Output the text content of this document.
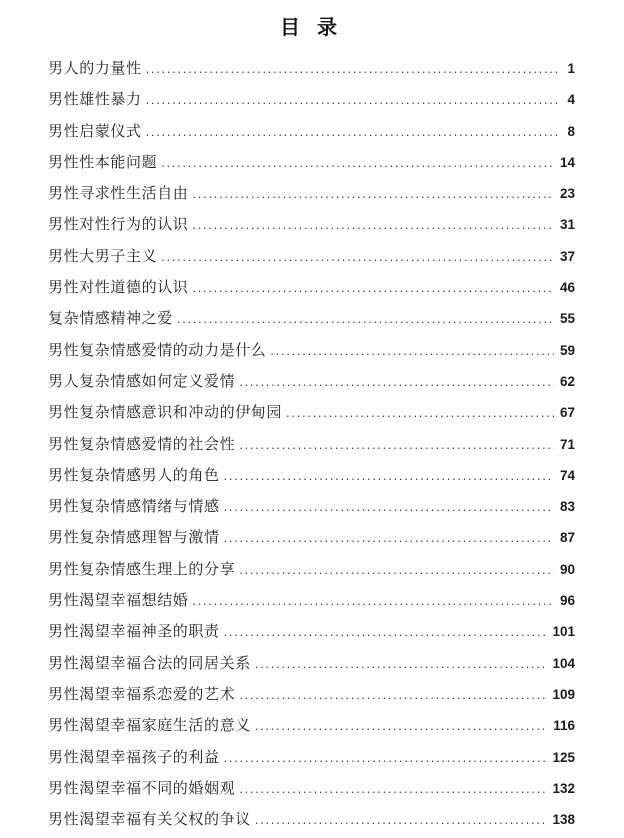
目 录
男人的力量性 .....	1
男性雄性暴力 .....	4
男性启蒙仪式 .....	8
男性性本能问题 .....	14
男性寻求性生活自由 .....	23
男性对性行为的认识 .....	31
男性大男子主义 .....	37
男性对性道德的认识 .....	46
复杂情感精神之爱 .....	55
男性复杂情感爱情的动力是什么 .....	59
男人复杂情感如何定义爱情 .....	62
男性复杂情感意识和冲动的伊甸园 .....	67
男性复杂情感爱情的社会性 .....	71
男性复杂情感男人的角色 .....	74
男性复杂情感情绪与情感 .....	83
男性复杂情感理智与激情 .....	87
男性复杂情感生理上的分享 .....	90
男性渴望幸福想结婚 .....	96
男性渴望幸福神圣的职责 .....	101
男性渴望幸福合法的同居关系 .....	104
男性渴望幸福系恋爱的艺术 .....	109
男性渴望幸福家庭生活的意义 .....	116
男性渴望幸福孩子的利益 .....	125
男性渴望幸福不同的婚姻观 .....	132
男性渴望幸福有关父权的争议 .....	138
